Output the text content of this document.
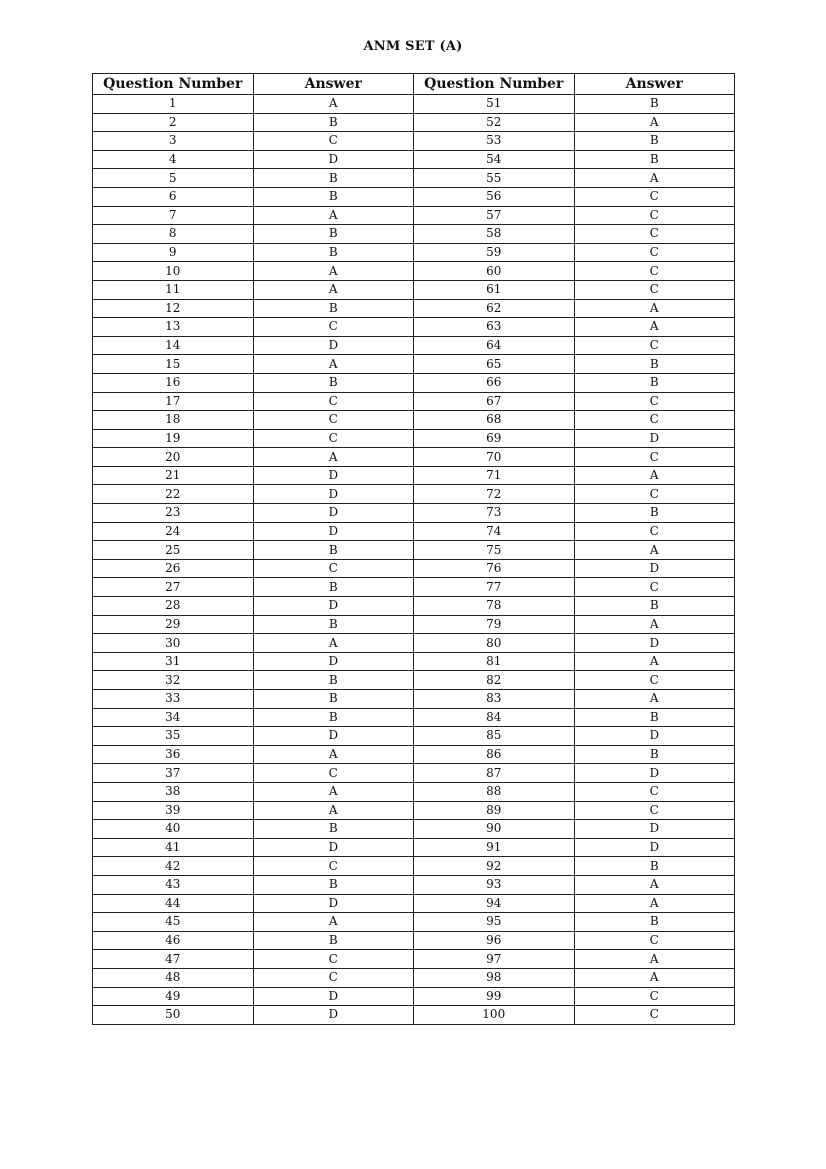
ANM SET (A)
Question Number	Answer	Question Number	Answer
1	A	51	B
2	B	52	A
3	C	53	B
4	D	54	B
5	B	55	A
6	B	56	C
7	A	57	C
8	B	58	C
9	B	59	C
10	A	60	C
11	A	61	C
12	B	62	A
13	C	63	A
14	D	64	C
15	A	65	B
16	B	66	B
17	C	67	C
18	C	68	C
19	C	69	D
20	A	70	C
21	D	71	A
22	D	72	C
23	D	73	B
24	D	74	C
25	B	75	A
26	C	76	D
27	B	77	C
28	D	78	B
29	B	79	A
30	A	80	D
31	D	81	A
32	B	82	C
33	B	83	A
34	B	84	B
35	D	85	D
36	A	86	B
37	C	87	D
38	A	88	C
39	A	89	C
40	B	90	D
41	D	91	D
42	C	92	B
43	B	93	A
44	D	94	A
45	A	95	B
46	B	96	C
47	C	97	A
48	C	98	A
49	D	99	C
50	D	100	C
